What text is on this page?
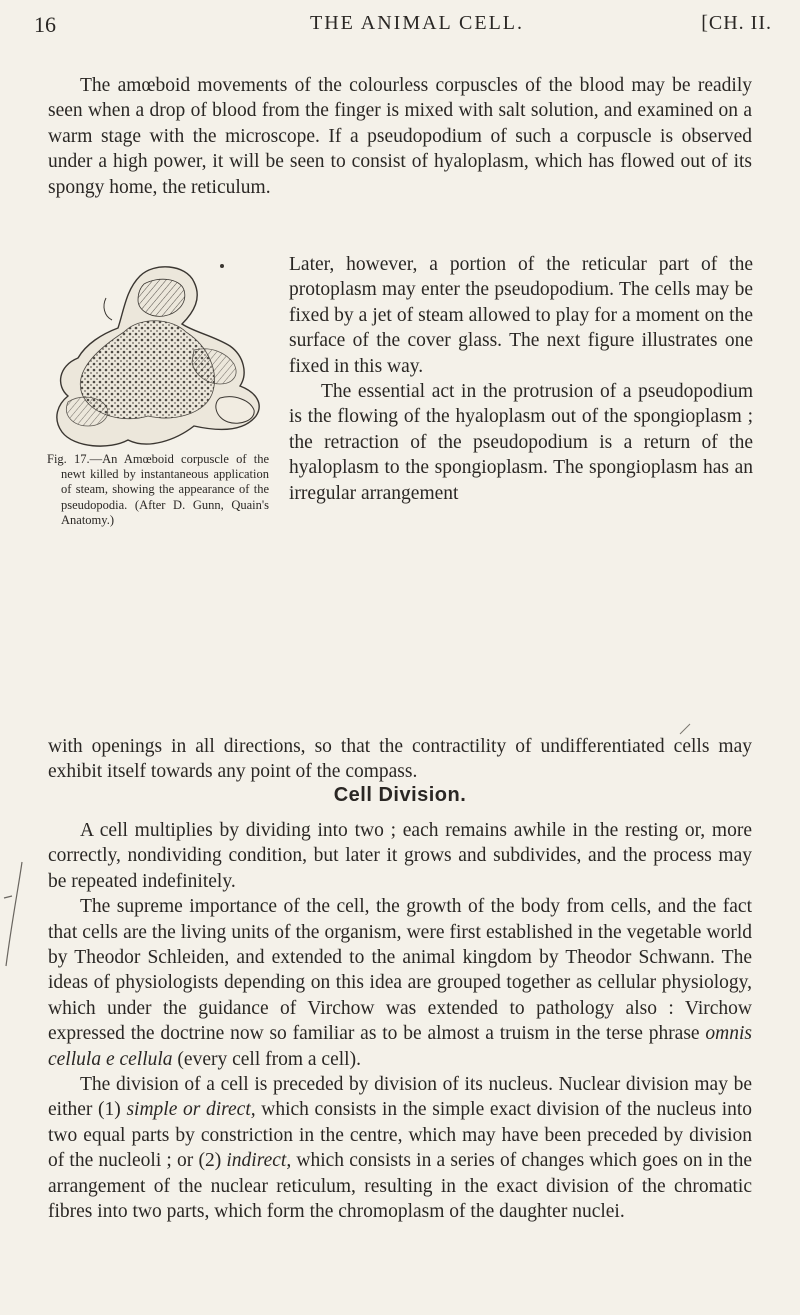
16	THE ANIMAL CELL.	[CH. II.

The amœboid movements of the colourless corpuscles of the blood may be readily seen when a drop of blood from the finger is mixed with salt solution, and examined on a warm stage with the microscope. If a pseudopodium of such a corpuscle is observed under a high power, it will be seen to consist of hyaloplasm, which has flowed out of its spongy home, the reticulum.

Later, however, a portion of the reticular part of the protoplasm may enter the pseudopodium. The cells may be fixed by a jet of steam allowed to play for a moment on the surface of the cover glass. The next figure illustrates one fixed in this way.

The essential act in the protrusion of a pseudopodium is the flowing of the hyaloplasm out of the spongioplasm ; the retraction of the pseudopodium is a return of the hyaloplasm to the spongioplasm. The spongioplasm has an irregular arrangement

Fig. 17.—An Amœboid corpuscle of the newt killed by instantaneous application of steam, showing the appearance of the pseudopodia. (After D. Gunn, Quain's Anatomy.)

with openings in all directions, so that the contractility of undifferentiated cells may exhibit itself towards any point of the compass.

Cell Division.

A cell multiplies by dividing into two ; each remains awhile in the resting or, more correctly, nondividing condition, but later it grows and subdivides, and the process may be repeated indefinitely.

The supreme importance of the cell, the growth of the body from cells, and the fact that cells are the living units of the organism, were first established in the vegetable world by Theodor Schleiden, and extended to the animal kingdom by Theodor Schwann. The ideas of physiologists depending on this idea are grouped together as cellular physiology, which under the guidance of Virchow was extended to pathology also : Virchow expressed the doctrine now so familiar as to be almost a truism in the terse phrase omnis cellula e cellula (every cell from a cell).

The division of a cell is preceded by division of its nucleus. Nuclear division may be either (1) simple or direct, which consists in the simple exact division of the nucleus into two equal parts by constriction in the centre, which may have been preceded by division of the nucleoli ; or (2) indirect, which consists in a series of changes which goes on in the arrangement of the nuclear reticulum, resulting in the exact division of the chromatic fibres into two parts, which form the chromoplasm of the daughter nuclei.
